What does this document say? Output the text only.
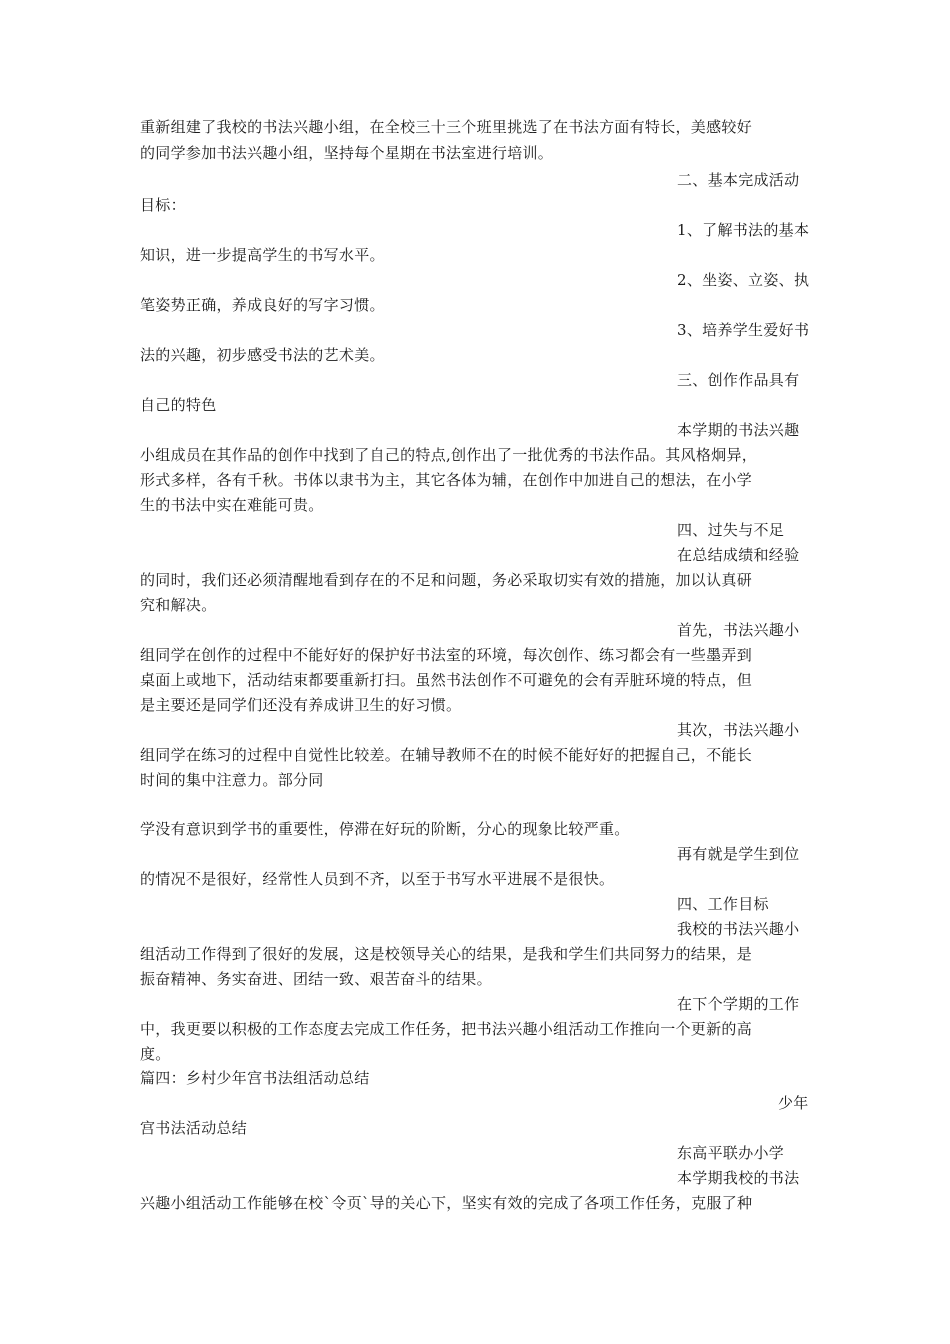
重新组建了我校的书法兴趣小组，在全校三十三个班里挑选了在书法方面有特长，美感较好
的同学参加书法兴趣小组，坚持每个星期在书法室进行培训。
二、基本完成活动
目标：
1、了解书法的基本
知识，进一步提高学生的书写水平。
2、坐姿、立姿、执
笔姿势正确，养成良好的写字习惯。
3、培养学生爱好书
法的兴趣，初步感受书法的艺术美。
三、创作作品具有
自己的特色
本学期的书法兴趣
小组成员在其作品的创作中找到了自己的特点,创作出了一批优秀的书法作品。其风格炯异，
形式多样，各有千秋。书体以隶书为主，其它各体为辅，在创作中加进自己的想法，在小学
生的书法中实在难能可贵。
四、过失与不足
在总结成绩和经验
的同时，我们还必须清醒地看到存在的不足和问题，务必采取切实有效的措施，加以认真研
究和解决。
首先，书法兴趣小
组同学在创作的过程中不能好好的保护好书法室的环境，每次创作、练习都会有一些墨弄到
桌面上或地下，活动结束都要重新打扫。虽然书法创作不可避免的会有弄脏环境的特点，但
是主要还是同学们还没有养成讲卫生的好习惯。
其次，书法兴趣小
组同学在练习的过程中自觉性比较差。在辅导教师不在的时候不能好好的把握自己，不能长
时间的集中注意力。部分同
学没有意识到学书的重要性，停滞在好玩的阶断，分心的现象比较严重。
再有就是学生到位
的情况不是很好，经常性人员到不齐，以至于书写水平进展不是很快。
四、工作目标
我校的书法兴趣小
组活动工作得到了很好的发展，这是校领导关心的结果，是我和学生们共同努力的结果，是
振奋精神、务实奋进、团结一致、艰苦奋斗的结果。
在下个学期的工作
中，我更要以积极的工作态度去完成工作任务，把书法兴趣小组活动工作推向一个更新的高
度。
篇四：乡村少年宫书法组活动总结
少年
宫书法活动总结
东高平联办小学
本学期我校的书法
兴趣小组活动工作能够在校`令页`导的关心下，坚实有效的完成了各项工作任务，克服了种
